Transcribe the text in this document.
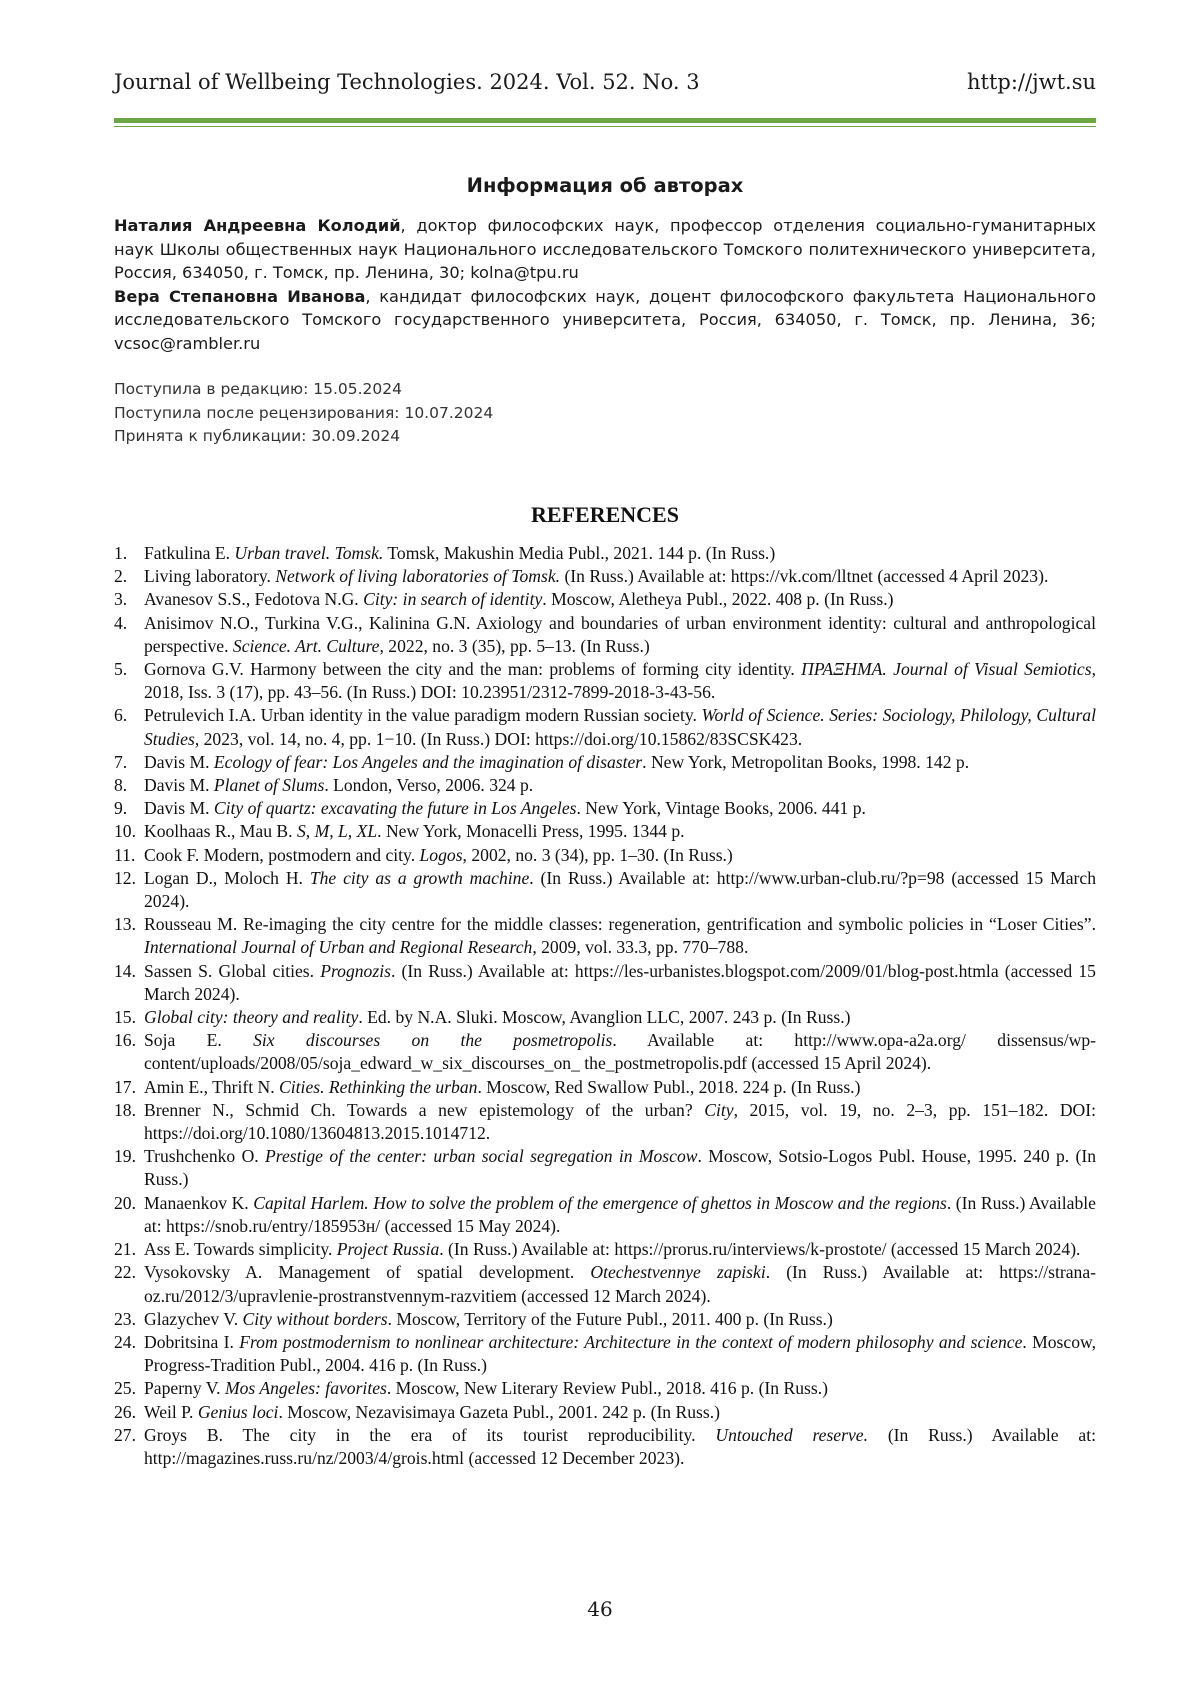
Journal of Wellbeing Technologies. 2024. Vol. 52. No. 3	http://jwt.su
Информация об авторах

Наталия Андреевна Колодий, доктор философских наук, профессор отделения социально-гуманитарных наук Школы общественных наук Национального исследовательского Томского политехнического университета, Россия, 634050, г. Томск, пр. Ленина, 30; kolna@tpu.ru

Вера Степановна Иванова, кандидат философских наук, доцент философского факультета Национального исследовательского Томского государственного университета, Россия, 634050, г. Томск, пр. Ленина, 36; vcsoc@rambler.ru

Поступила в редакцию: 15.05.2024
Поступила после рецензирования: 10.07.2024
Принята к публикации: 30.09.2024
REFERENCES
1. Fatkulina E. Urban travel. Tomsk. Tomsk, Makushin Media Publ., 2021. 144 p. (In Russ.)
2. Living laboratory. Network of living laboratories of Tomsk. (In Russ.) Available at: https://vk.com/lltnet (accessed 4 April 2023).
3. Avanesov S.S., Fedotova N.G. City: in search of identity. Moscow, Aletheya Publ., 2022. 408 p. (In Russ.)
4. Anisimov N.O., Turkina V.G., Kalinina G.N. Axiology and boundaries of urban environment identity: cultural and anthropological perspective. Science. Art. Culture, 2022, no. 3 (35), pp. 5–13. (In Russ.)
5. Gornova G.V. Harmony between the city and the man: problems of forming city identity. ΠΡΑΞΗΜΑ. Journal of Visual Semiotics, 2018, Iss. 3 (17), pp. 43–56. (In Russ.) DOI: 10.23951/2312-7899-2018-3-43-56.
6. Petrulevich I.A. Urban identity in the value paradigm modern Russian society. World of Science. Series: Sociology, Philology, Cultural Studies, 2023, vol. 14, no. 4, pp. 1−10. (In Russ.) DOI: https://doi.org/10.15862/83SCSK423.
7. Davis M. Ecology of fear: Los Angeles and the imagination of disaster. New York, Metropolitan Books, 1998. 142 p.
8. Davis M. Planet of Slums. London, Verso, 2006. 324 p.
9. Davis M. City of quartz: excavating the future in Los Angeles. New York, Vintage Books, 2006. 441 p.
10. Koolhaas R., Mau B. S, M, L, XL. New York, Monacelli Press, 1995. 1344 p.
11. Cook F. Modern, postmodern and city. Logos, 2002, no. 3 (34), pp. 1–30. (In Russ.)
12. Logan D., Moloch H. The city as a growth machine. (In Russ.) Available at: http://www.urban-club.ru/?p=98 (accessed 15 March 2024).
13. Rousseau M. Re-imaging the city centre for the middle classes: regeneration, gentrification and symbolic policies in “Loser Cities”. International Journal of Urban and Regional Research, 2009, vol. 33.3, pp. 770–788.
14. Sassen S. Global cities. Prognozis. (In Russ.) Available at: https://les-urbanistes.blogspot.com/2009/01/blog-post.htmla (accessed 15 March 2024).
15. Global city: theory and reality. Ed. by N.A. Sluki. Moscow, Avanglion LLC, 2007. 243 p. (In Russ.)
16. Soja E. Six discourses on the posmetropolis. Available at: http://www.opa-a2a.org/ dissensus/wp-content/uploads/2008/05/soja_edward_w_six_discourses_on_ the_postmetropolis.pdf (accessed 15 April 2024).
17. Amin E., Thrift N. Cities. Rethinking the urban. Moscow, Red Swallow Publ., 2018. 224 p. (In Russ.)
18. Brenner N., Schmid Ch. Towards a new epistemology of the urban? City, 2015, vol. 19, no. 2–3, pp. 151–182. DOI: https://doi.org/10.1080/13604813.2015.1014712.
19. Trushchenko O. Prestige of the center: urban social segregation in Moscow. Moscow, Sotsio-Logos Publ. House, 1995. 240 p. (In Russ.)
20. Manaenkov K. Capital Harlem. How to solve the problem of the emergence of ghettos in Moscow and the regions. (In Russ.) Available at: https://snob.ru/entry/185953н/ (accessed 15 May 2024).
21. Ass E. Towards simplicity. Project Russia. (In Russ.) Available at: https://prorus.ru/interviews/k-prostote/ (accessed 15 March 2024).
22. Vysokovsky A. Management of spatial development. Otechestvennye zapiski. (In Russ.) Available at: https://strana-oz.ru/2012/3/upravlenie-prostranstvennym-razvitiem (accessed 12 March 2024).
23. Glazychev V. City without borders. Moscow, Territory of the Future Publ., 2011. 400 p. (In Russ.)
24. Dobritsina I. From postmodernism to nonlinear architecture: Architecture in the context of modern philosophy and science. Moscow, Progress-Tradition Publ., 2004. 416 p. (In Russ.)
25. Paperny V. Mos Angeles: favorites. Moscow, New Literary Review Publ., 2018. 416 p. (In Russ.)
26. Weil P. Genius loci. Moscow, Nezavisimaya Gazeta Publ., 2001. 242 p. (In Russ.)
27. Groys B. The city in the era of its tourist reproducibility. Untouched reserve. (In Russ.) Available at: http://magazines.russ.ru/nz/2003/4/grois.html (accessed 12 December 2023).
46
